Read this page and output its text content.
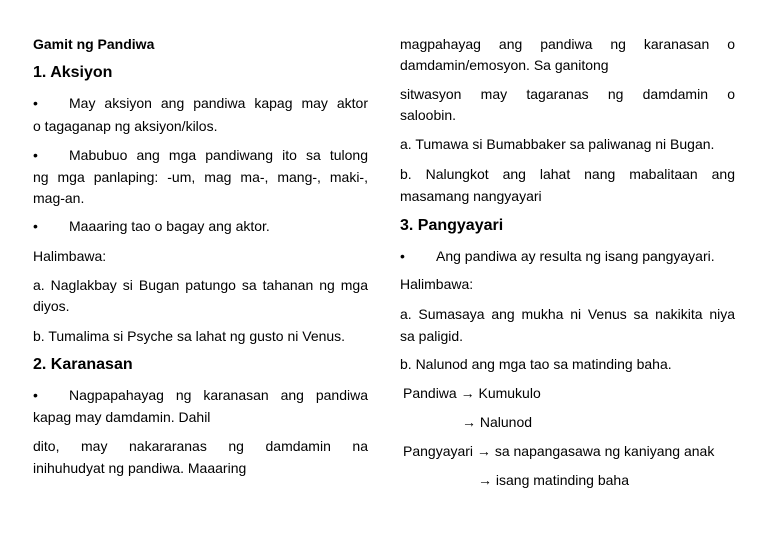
Gamit ng Pandiwa
1. Aksiyon
•	May aksiyon ang pandiwa kapag may aktor
o tagaganap ng aksiyon/kilos.
•	Mabubuo ang mga pandiwang ito sa tulong
ng mga panlaping: -um, mag ma-, mang-, maki-,
mag-an.
•	Maaaring tao o bagay ang aktor.
Halimbawa:
a. Naglakbay si Bugan patungo sa tahanan ng mga
diyos.
b. Tumalima si Psyche sa lahat ng gusto ni Venus.
2. Karanasan
•	Nagpapahayag ng karanasan ang pandiwa
kapag may damdamin. Dahil
dito, may nakararanas ng damdamin na
inihuhudyat ng pandiwa. Maaaring
magpahayag ang pandiwa ng karanasan o
damdamin/emosyon. Sa ganitong
sitwasyon may tagaranas ng damdamin o
saloobin.
a. Tumawa si Bumabbaker sa paliwanag ni Bugan.
b. Nalungkot ang lahat nang mabalitaan ang
masamang nangyayari
3. Pangyayari
•	Ang pandiwa ay resulta ng isang pangyayari.
Halimbawa:
a. Sumasaya ang mukha ni Venus sa nakikita niya
sa paligid.
b. Nalunod ang mga tao sa matinding baha.
Pandiwa → Kumukulo
→ Nalunod
Pangyayari → sa napangasawa ng kaniyang anak
→ isang matinding baha
